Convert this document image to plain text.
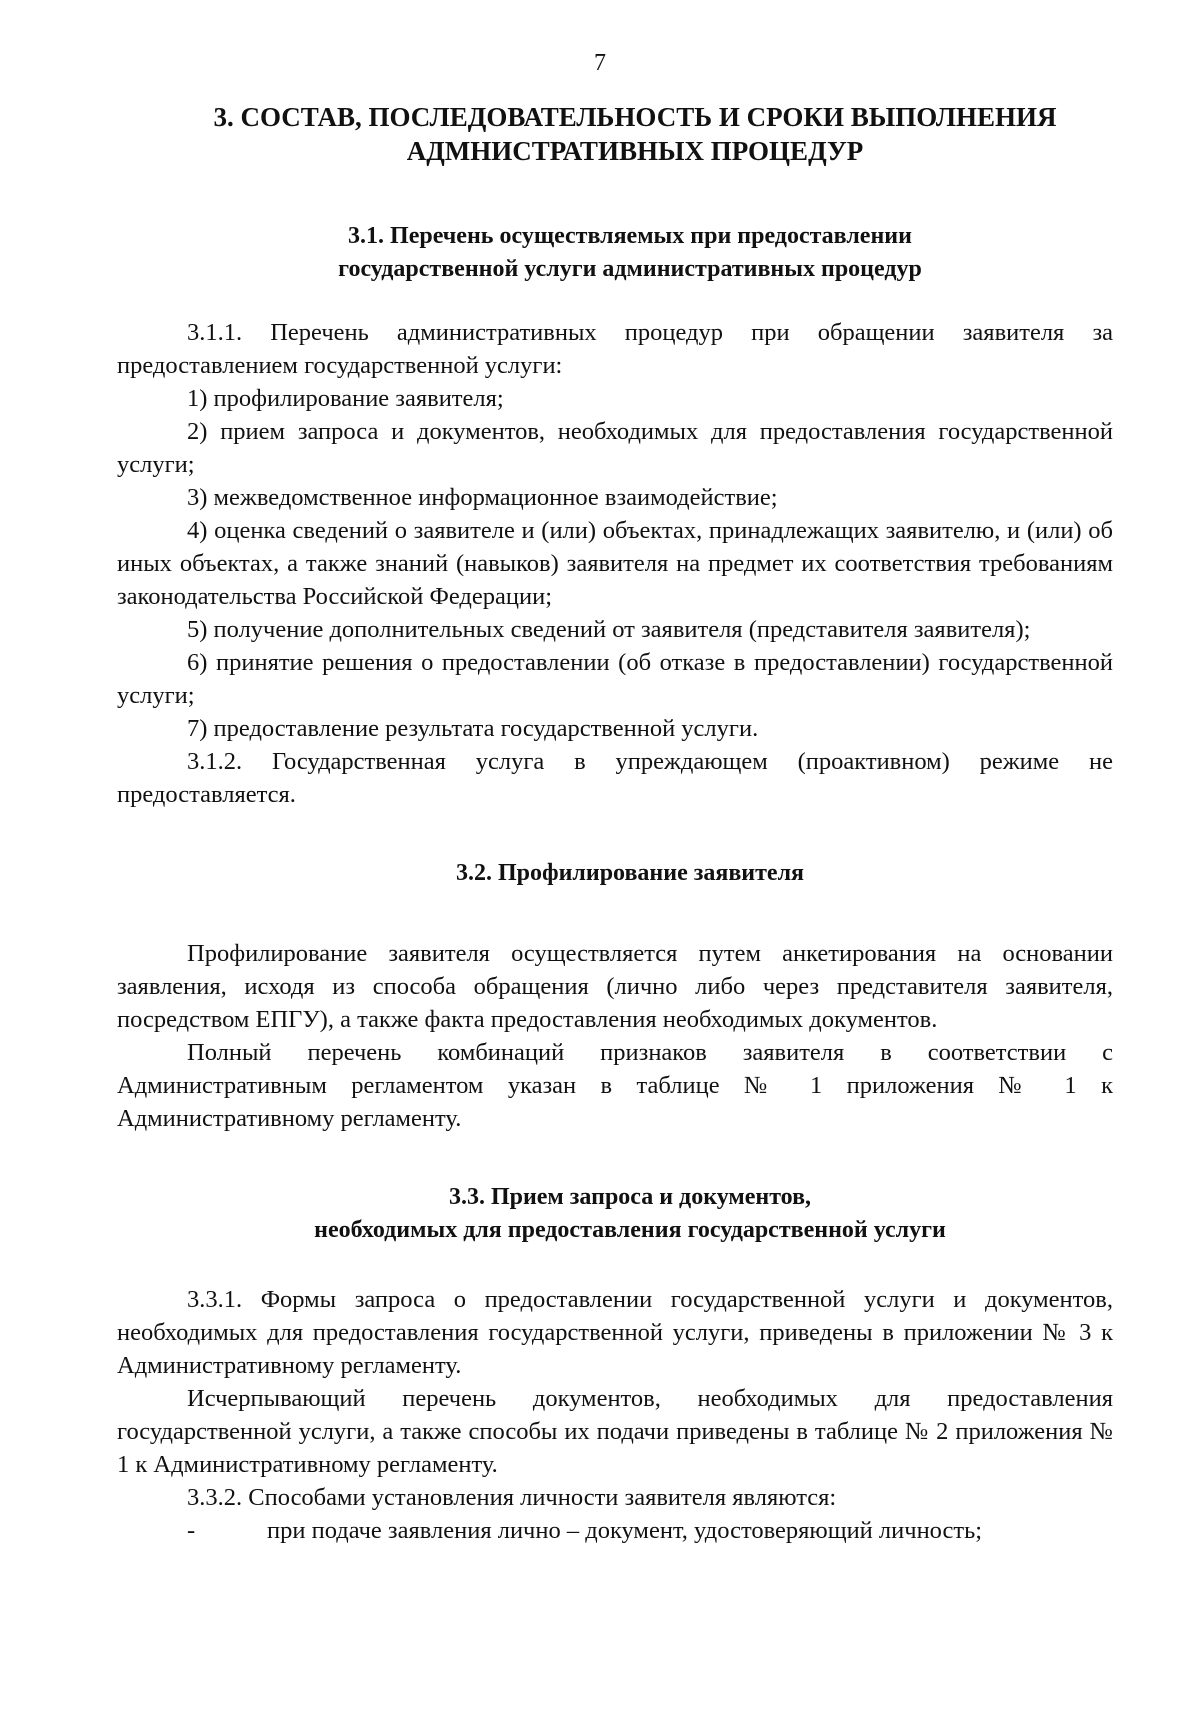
7

3. СОСТАВ, ПОСЛЕДОВАТЕЛЬНОСТЬ И СРОКИ ВЫПОЛНЕНИЯ

АДМНИСТРАТИВНЫХ ПРОЦЕДУР

3.1. Перечень осуществляемых при предоставлении

государственной услуги административных процедур

3.1.1. Перечень административных процедур при обращении заявителя за предоставлением государственной услуги:

1) профилирование заявителя;

2) прием запроса и документов, необходимых для предоставления государственной услуги;

3) межведомственное информационное взаимодействие;

4) оценка сведений о заявителе и (или) объектах, принадлежащих заявителю, и (или) об иных объектах, а также знаний (навыков) заявителя на предмет их соответствия требованиям законодательства Российской Федерации;

5) получение дополнительных сведений от заявителя (представителя заявителя);

6) принятие решения о предоставлении (об отказе в предоставлении) государственной услуги;

7) предоставление результата государственной услуги.

3.1.2. Государственная услуга в упреждающем (проактивном) режиме не предоставляется.

3.2. Профилирование заявителя

Профилирование заявителя осуществляется путем анкетирования на основании заявления, исходя из способа обращения (лично либо через представителя заявителя, посредством ЕПГУ), а также факта предоставления необходимых документов.

Полный перечень комбинаций признаков заявителя в соответствии с Административным регламентом указан в таблице № 1 приложения № 1 к Административному регламенту.

3.3. Прием запроса и документов,

необходимых для предоставления государственной услуги

3.3.1. Формы запроса о предоставлении государственной услуги и документов, необходимых для предоставления государственной услуги, приведены в приложении № 3 к Административному регламенту.

Исчерпывающий перечень документов, необходимых для предоставления государственной услуги, а также способы их подачи приведены в таблице № 2 приложения № 1 к Административному регламенту.

3.3.2. Способами установления личности заявителя являются:

-	при подаче заявления лично – документ, удостоверяющий личность;
